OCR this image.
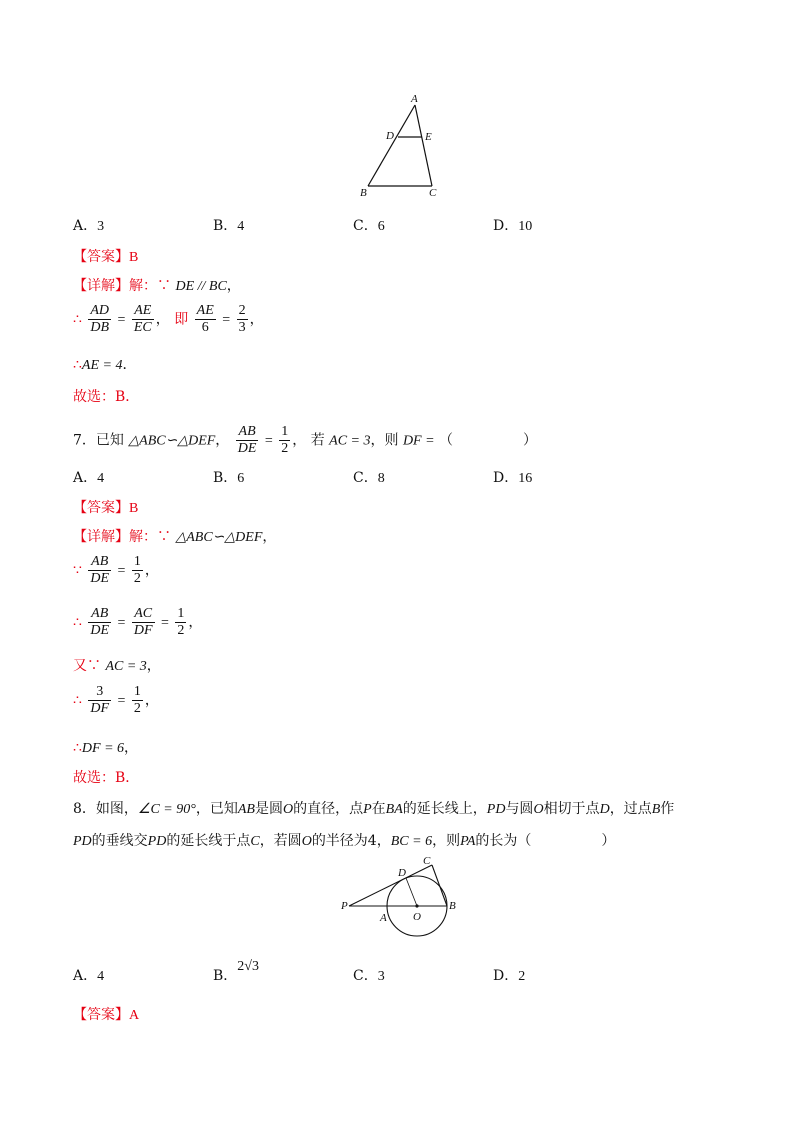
A
D	E
B	C
A．3	B．4	C．6	D．10
【答案】B
【详解】解：∵ DE // BC，
∴ $\frac{AD}{DB} = \frac{AE}{EC}$ ， 即 $\frac{AE}{6} = \frac{2}{3}$ ，
∴AE = 4．
故选：B．
7．已知 △ABC∽△DEF， $\frac{AB}{DE} = \frac{1}{2}$ ， 若 AC = 3，则 DF = （　　　　　）
A．4	B．6	C．8	D．16
【答案】B
【详解】解：∵ △ABC∽△DEF，
∵ $\frac{AB}{DE} = \frac{1}{2}$ ，
∴ $\frac{AB}{DE} = \frac{AC}{DF} = \frac{1}{2}$ ，
又∵ AC = 3，
∴ $\frac{3}{DF} = \frac{1}{2}$ ，
∴DF = 6，
故选：B．
8．如图，∠C = 90°，已知AB是圆O的直径，点P在BA的延长线上，PD与圆O相切于点D，过点B作
PD的垂线交PD的延长线于点C，若圆O的半径为4，BC = 6，则PA的长为（　　　　　）
P
A O
B
D
C
A．4	B．2√3
C．3	D．2
【答案】A
